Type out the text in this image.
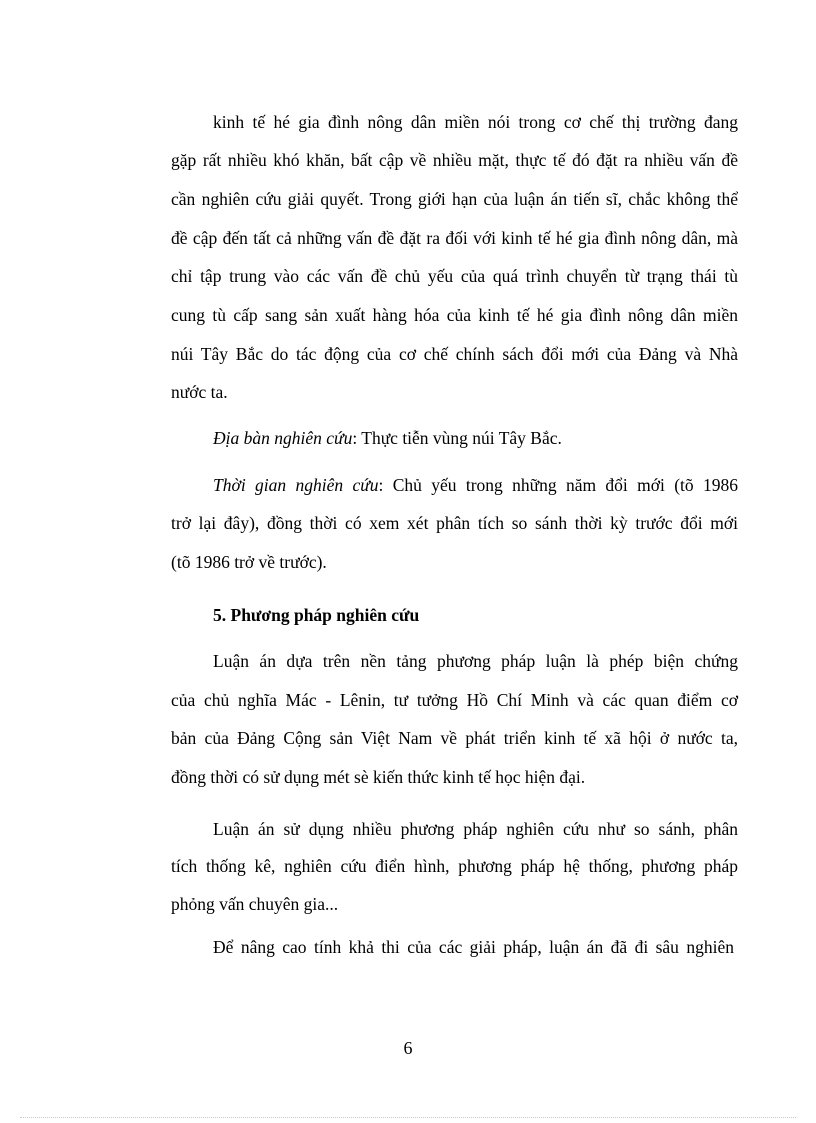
kinh tế hé gia đình nông dân miền nói trong cơ chế thị trường đang
gặp rất nhiều khó khăn, bất cập về nhiều mặt, thực tế đó đặt ra nhiều vấn đề
cần nghiên cứu giải quyết. Trong giới hạn của luận án tiến sĩ, chắc không thể
đề cập đến tất cả những vấn đề đặt ra đối với kinh tế hé gia đình nông dân, mà
chỉ tập trung vào các vấn đề chủ yếu của quá trình chuyển từ trạng thái tù
cung tù cấp sang sản xuất hàng hóa của kinh tế hé gia đình nông dân miền
núi Tây Bắc do tác động của cơ chế chính sách đổi mới của Đảng và Nhà
nước ta.
Địa bàn nghiên cứu: Thực tiễn vùng núi Tây Bắc.
Thời gian nghiên cứu: Chủ yếu trong những năm đổi mới (tõ 1986
trở lại đây), đồng thời có xem xét phân tích so sánh thời kỳ trước đổi mới
(tõ 1986 trở về trước).
5. Phương pháp nghiên cứu
Luận án dựa trên nền tảng phương pháp luận là phép biện chứng
của chủ nghĩa Mác - Lênin, tư tưởng Hồ Chí Minh và các quan điểm cơ
bản của Đảng Cộng sản Việt Nam về phát triển kinh tế xã hội ở nước ta,
đồng thời có sử dụng mét sè kiến thức kinh tế học hiện đại.
Luận án sử dụng nhiều phương pháp nghiên cứu như so sánh, phân
tích thống kê, nghiên cứu điển hình, phương pháp hệ thống, phương pháp
phỏng vấn chuyên gia...
Để nâng cao tính khả thi của các giải pháp, luận án đã đi sâu nghiên
6
